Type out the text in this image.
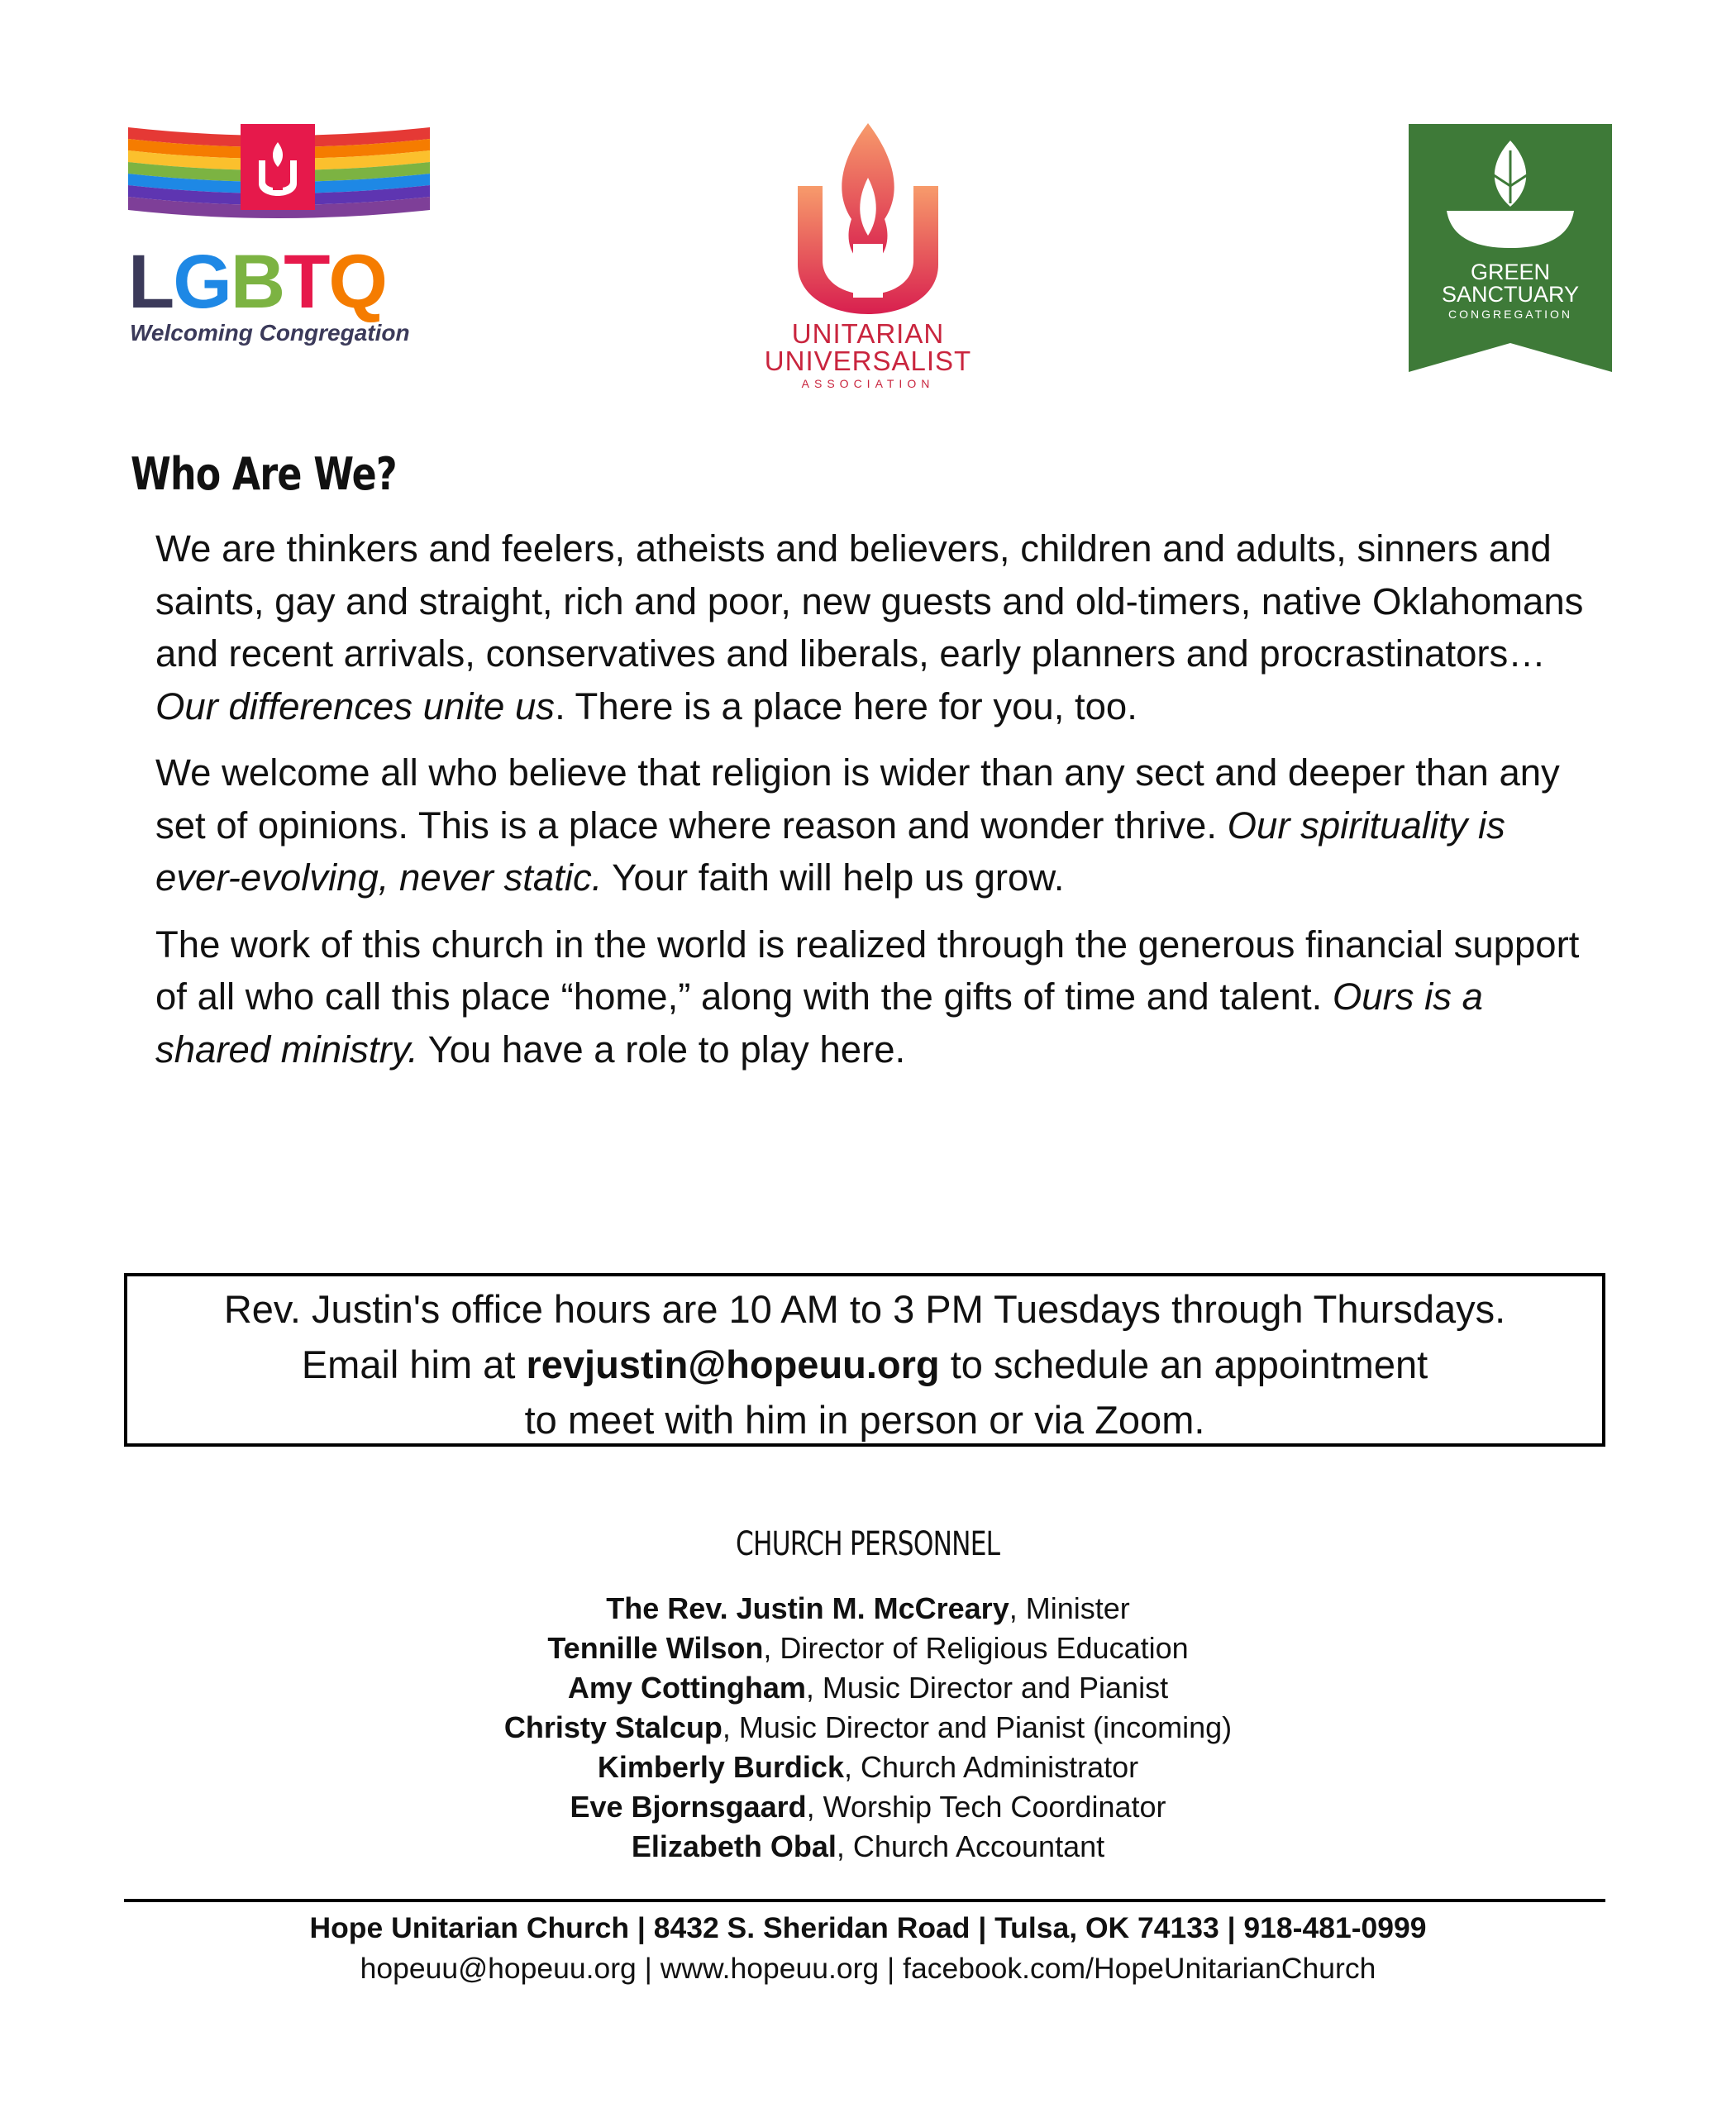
LGBTQ
Welcoming Congregation	UNITARIAN
UNIVERSALIST
ASSOCIATION
GREEN
SANCTUARY
CONGREGATION
Who Are We?

We are thinkers and feelers, atheists and believers, children and adults, sinners and saints, gay and straight, rich and poor, new guests and old-timers, native Oklahomans and recent arrivals, conservatives and liberals, early planners and procrastinators…Our differences unite us. There is a place here for you, too.

We welcome all who believe that religion is wider than any sect and deeper than any set of opinions. This is a place where reason and wonder thrive. Our spirituality is ever-evolving, never static. Your faith will help us grow.

The work of this church in the world is realized through the generous financial support of all who call this place “home,” along with the gifts of time and talent. Ours is a shared ministry. You have a role to play here.

Rev. Justin's office hours are 10 AM to 3 PM Tuesdays through Thursdays.
Email him at revjustin@hopeuu.org to schedule an appointment
to meet with him in person or via Zoom.
CHURCH PERSONNEL
The Rev. Justin M. McCreary, Minister
Tennille Wilson, Director of Religious Education
Amy Cottingham, Music Director and Pianist
Christy Stalcup, Music Director and Pianist (incoming)
Kimberly Burdick, Church Administrator
Eve Bjornsgaard, Worship Tech Coordinator
Elizabeth Obal, Church Accountant
Hope Unitarian Church | 8432 S. Sheridan Road | Tulsa, OK 74133 | 918-481-0999
hopeuu@hopeuu.org | www.hopeuu.org | facebook.com/HopeUnitarianChurch
